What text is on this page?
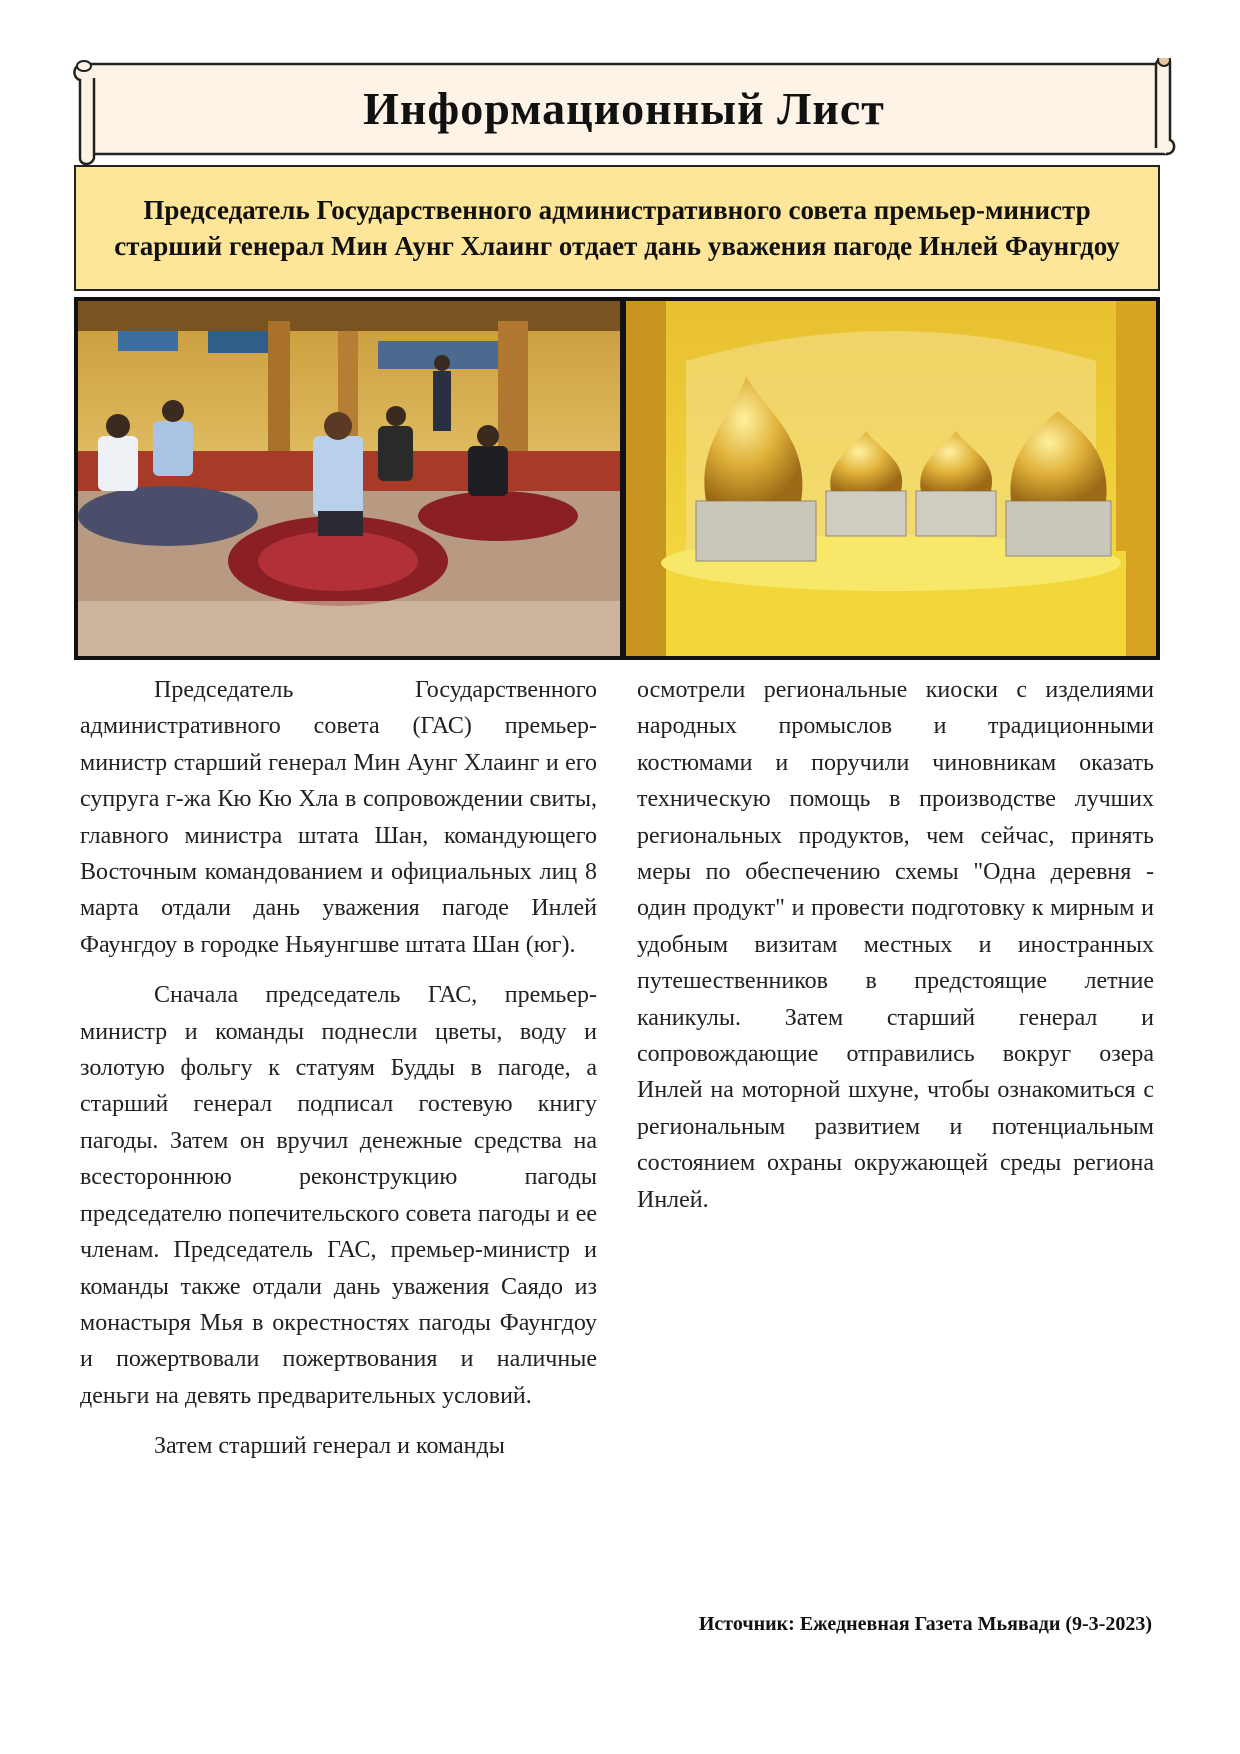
Информационный Лист
Председатель Государственного административного совета премьер-министр старший генерал Мин Аунг Хлаинг отдает дань уважения пагоде Инлей Фаунгдоу

Председатель Государственного административного совета (ГАС) премьер-министр старший генерал Мин Аунг Хлаинг и его супруга г-жа Кю Кю Хла в сопровождении свиты, главного министра штата Шан, командующего Восточным командованием и официальных лиц 8 марта отдали дань уважения пагоде Инлей Фаунгдоу в городке Ньяунгшве штата Шан (юг).

Сначала председатель ГАС, премьер-министр и команды поднесли цветы, воду и золотую фольгу к статуям Будды в пагоде, а старший генерал подписал гостевую книгу пагоды. Затем он вручил денежные средства на всестороннюю реконструкцию пагоды председателю попечительского совета пагоды и ее членам. Председатель ГАС, премьер-министр и команды также отдали дань уважения Саядо из монастыря Мья в окрестностях пагоды Фаунгдоу и пожертвовали пожертвования и наличные деньги на девять предварительных условий.

Затем старший генерал и команды

осмотрели региональные киоски с изделиями народных промыслов и традиционными костюмами и поручили чиновникам оказать техническую помощь в производстве лучших региональных продуктов, чем сейчас, принять меры по обеспечению схемы "Одна деревня - один продукт" и провести подготовку к мирным и удобным визитам местных и иностранных путешественников в предстоящие летние каникулы. Затем старший генерал и сопровождающие отправились вокруг озера Инлей на моторной шхуне, чтобы ознакомиться с региональным развитием и потенциальным состоянием охраны окружающей среды региона Инлей.

Источник: Ежедневная Газета Мьявади (9-3-2023)
